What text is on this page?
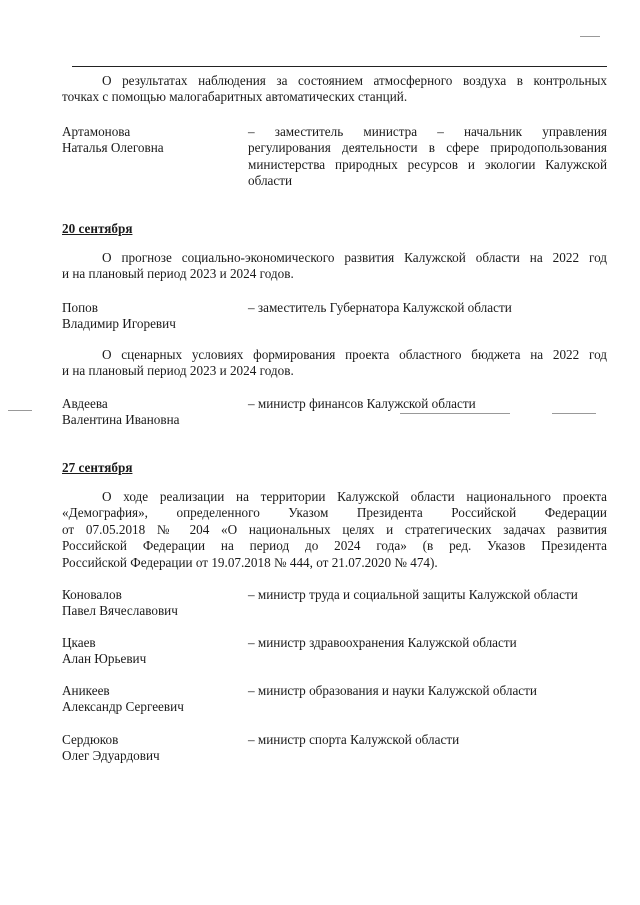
О результатах наблюдения за состоянием атмосферного воздуха в контрольных
точках с помощью малогабаритных автоматических станций.
Артамонова
Наталья Олеговна
– заместитель министра – начальник управления
регулирования деятельности в сфере природопользования
министерства природных ресурсов и экологии Калужской
области
20 сентября
О прогнозе социально-экономического развития Калужской области на 2022 год
и на плановый период 2023 и 2024 годов.
Попов
Владимир Игоревич
– заместитель Губернатора Калужской области
О сценарных условиях формирования проекта областного бюджета на 2022 год
и на плановый период 2023 и 2024 годов.
Авдеева
Валентина Ивановна
– министр финансов Калужской области
27 сентября
О ходе реализации на территории Калужской области национального проекта
«Демография», определенного Указом Президента Российской Федерации
от 07.05.2018 № 204 «О национальных целях и стратегических задачах развития
Российской Федерации на период до 2024 года» (в ред. Указов Президента
Российской Федерации от 19.07.2018 № 444, от 21.07.2020 № 474).
Коновалов
Павел Вячеславович
– министр труда и социальной защиты Калужской области
Цкаев
Алан Юрьевич
– министр здравоохранения Калужской области
Аникеев
Александр Сергеевич
– министр образования и науки Калужской области
Сердюков
Олег Эдуардович
– министр спорта Калужской области
